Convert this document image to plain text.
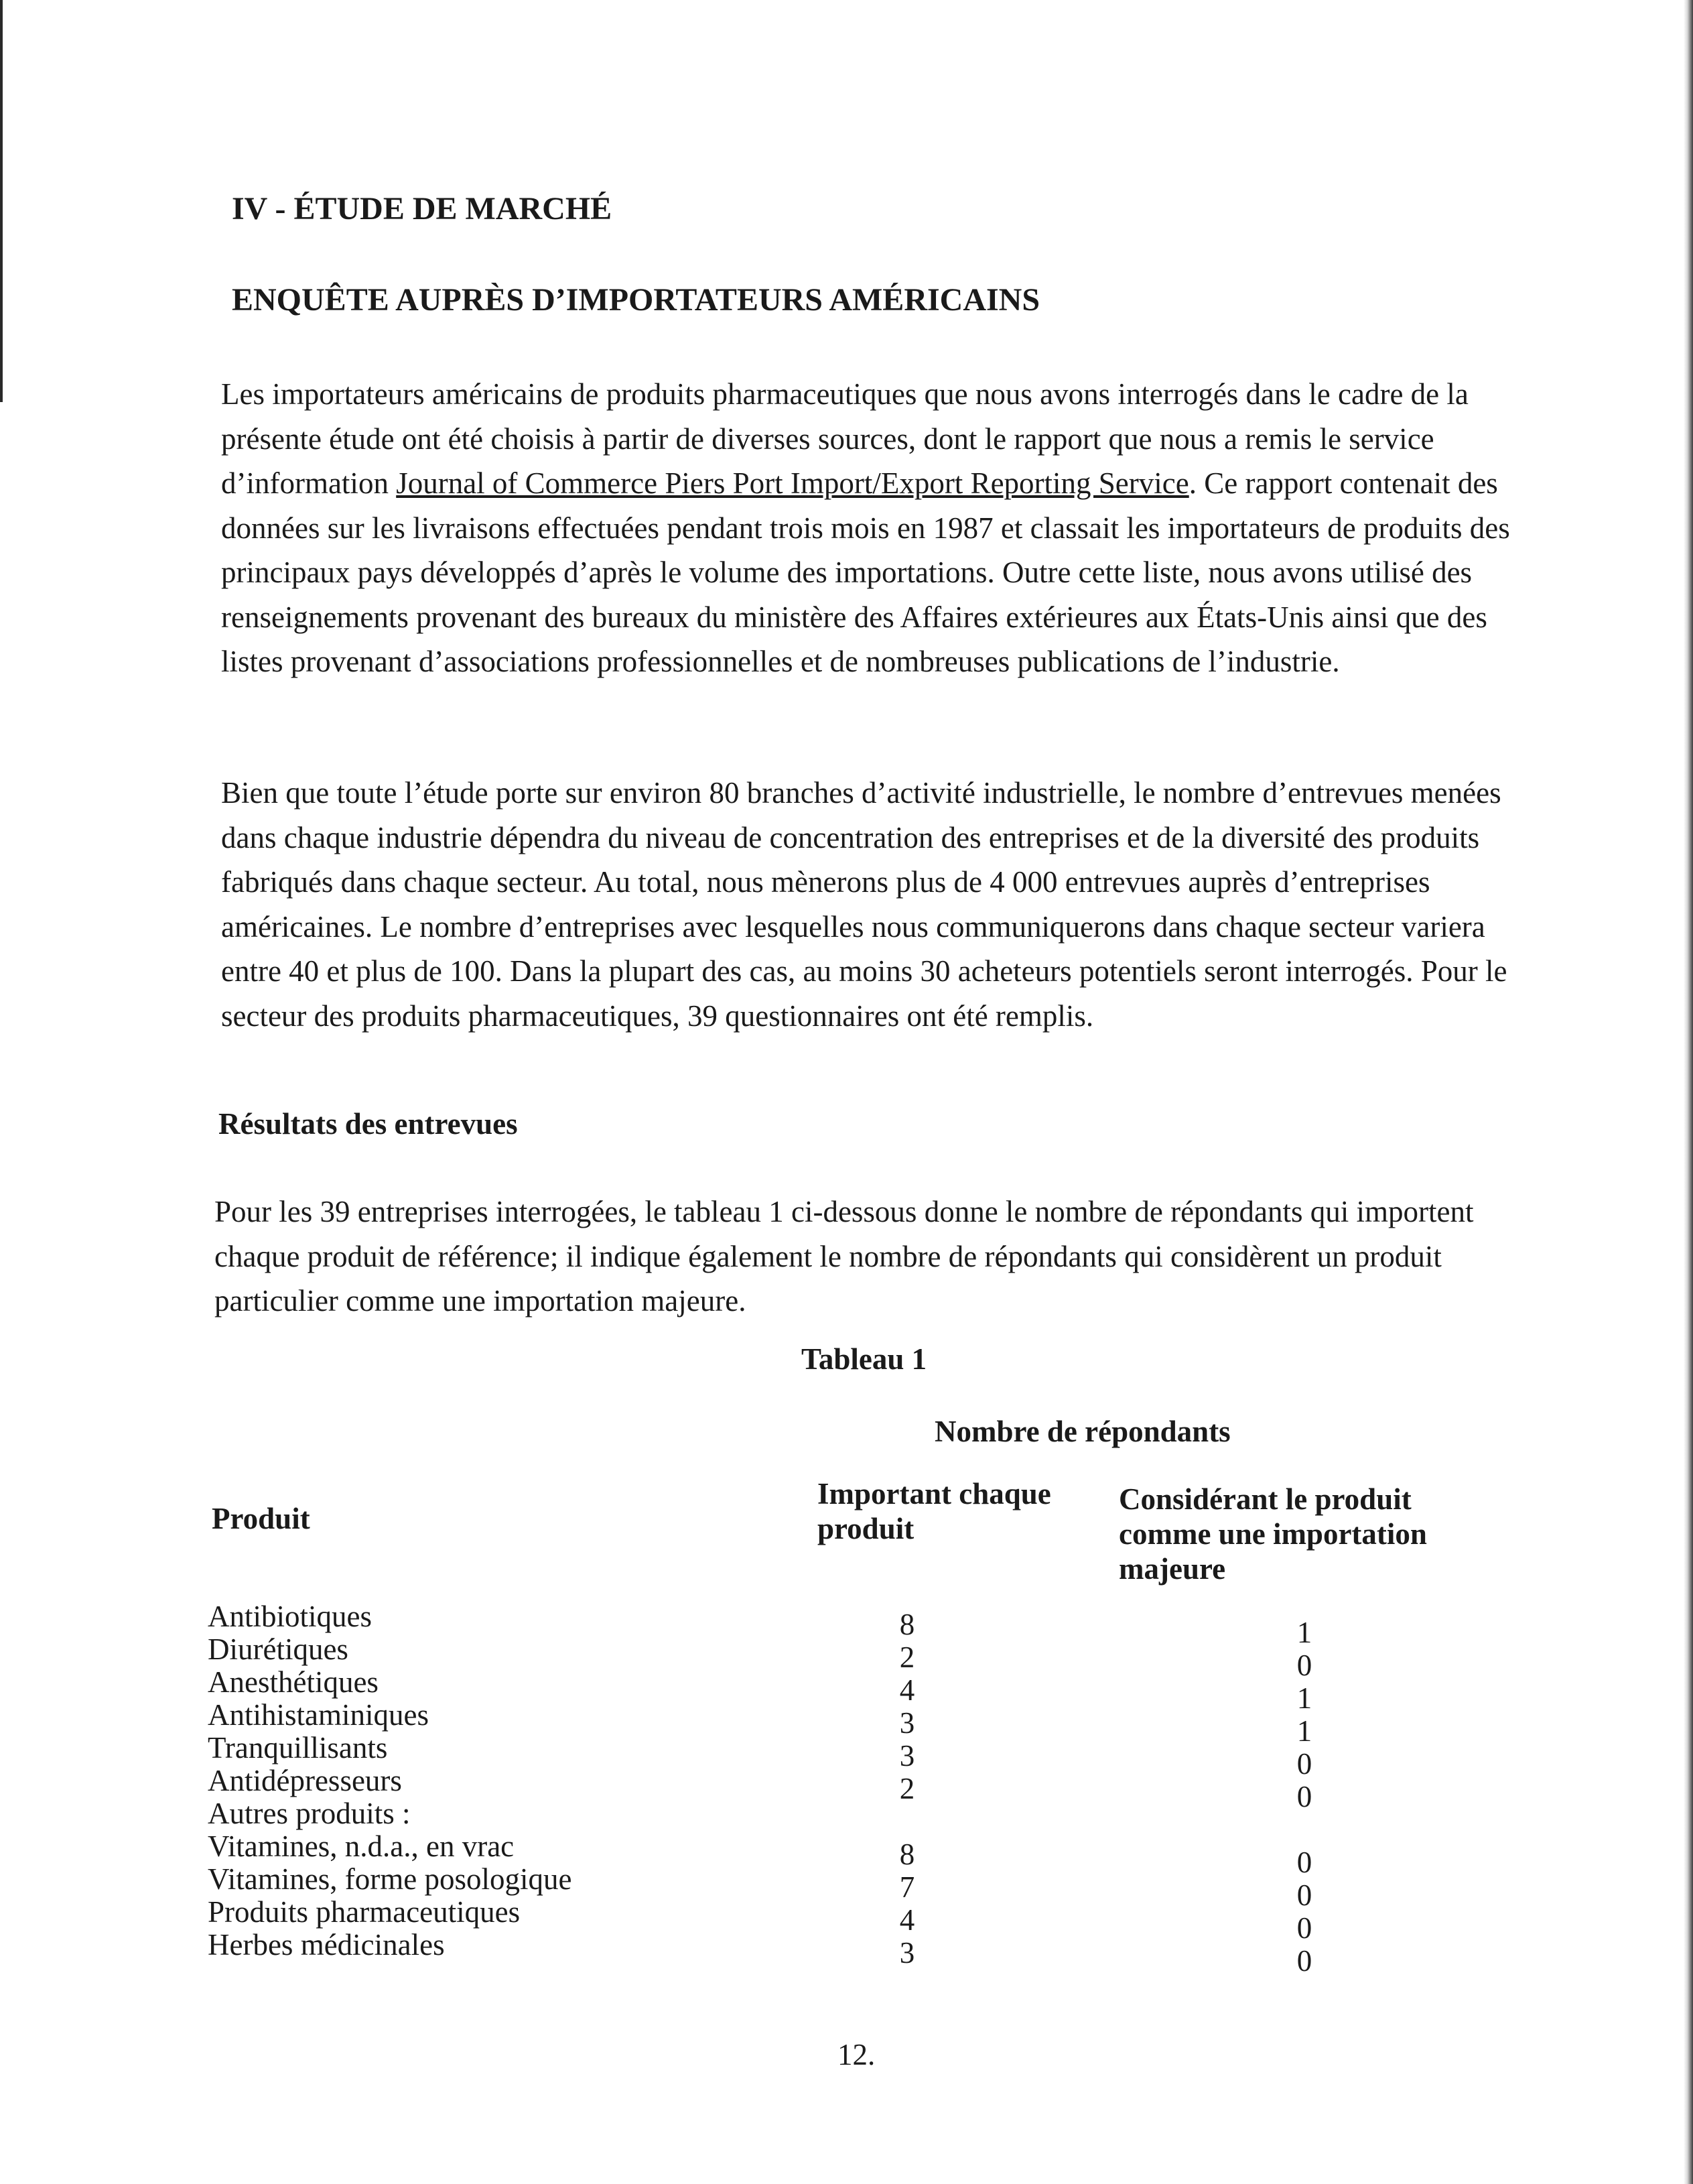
IV - ÉTUDE DE MARCHÉ
ENQUÊTE AUPRÈS D’IMPORTATEURS AMÉRICAINS
Les importateurs américains de produits pharmaceutiques que nous avons interrogés dans le cadre de la présente étude ont été choisis à partir de diverses sources, dont le rapport que nous a remis le service d’information Journal of Commerce Piers Port Import/Export Reporting Service. Ce rapport contenait des données sur les livraisons effectuées pendant trois mois en 1987 et classait les importateurs de produits des principaux pays développés d’après le volume des importations. Outre cette liste, nous avons utilisé des renseignements provenant des bureaux du ministère des Affaires extérieures aux États-Unis ainsi que des listes provenant d’associations professionnelles et de nombreuses publications de l’industrie.
Bien que toute l’étude porte sur environ 80 branches d’activité industrielle, le nombre d’entrevues menées dans chaque industrie dépendra du niveau de concentration des entreprises et de la diversité des produits fabriqués dans chaque secteur. Au total, nous mènerons plus de 4 000 entrevues auprès d’entreprises américaines. Le nombre d’entreprises avec lesquelles nous communiquerons dans chaque secteur variera entre 40 et plus de 100. Dans la plupart des cas, au moins 30 acheteurs potentiels seront interrogés. Pour le secteur des produits pharmaceutiques, 39 questionnaires ont été remplis.
Résultats des entrevues
Pour les 39 entreprises interrogées, le tableau 1 ci-dessous donne le nombre de répondants qui importent chaque produit de référence; il indique également le nombre de répondants qui considèrent un produit particulier comme une importation majeure.
Tableau 1
Nombre de répondants
Produit
Important chaque produit
Considérant le produit comme une importation majeure
Antibiotiques	8	1
Diurétiques	2	0
Anesthétiques	4	1
Antihistaminiques	3	1
Tranquillisants	3	0
Antidépresseurs	2	0
Autres produits :
Vitamines, n.d.a., en vrac	8	0
Vitamines, forme posologique	7	0
Produits pharmaceutiques	4	0
Herbes médicinales	3	0
12.
